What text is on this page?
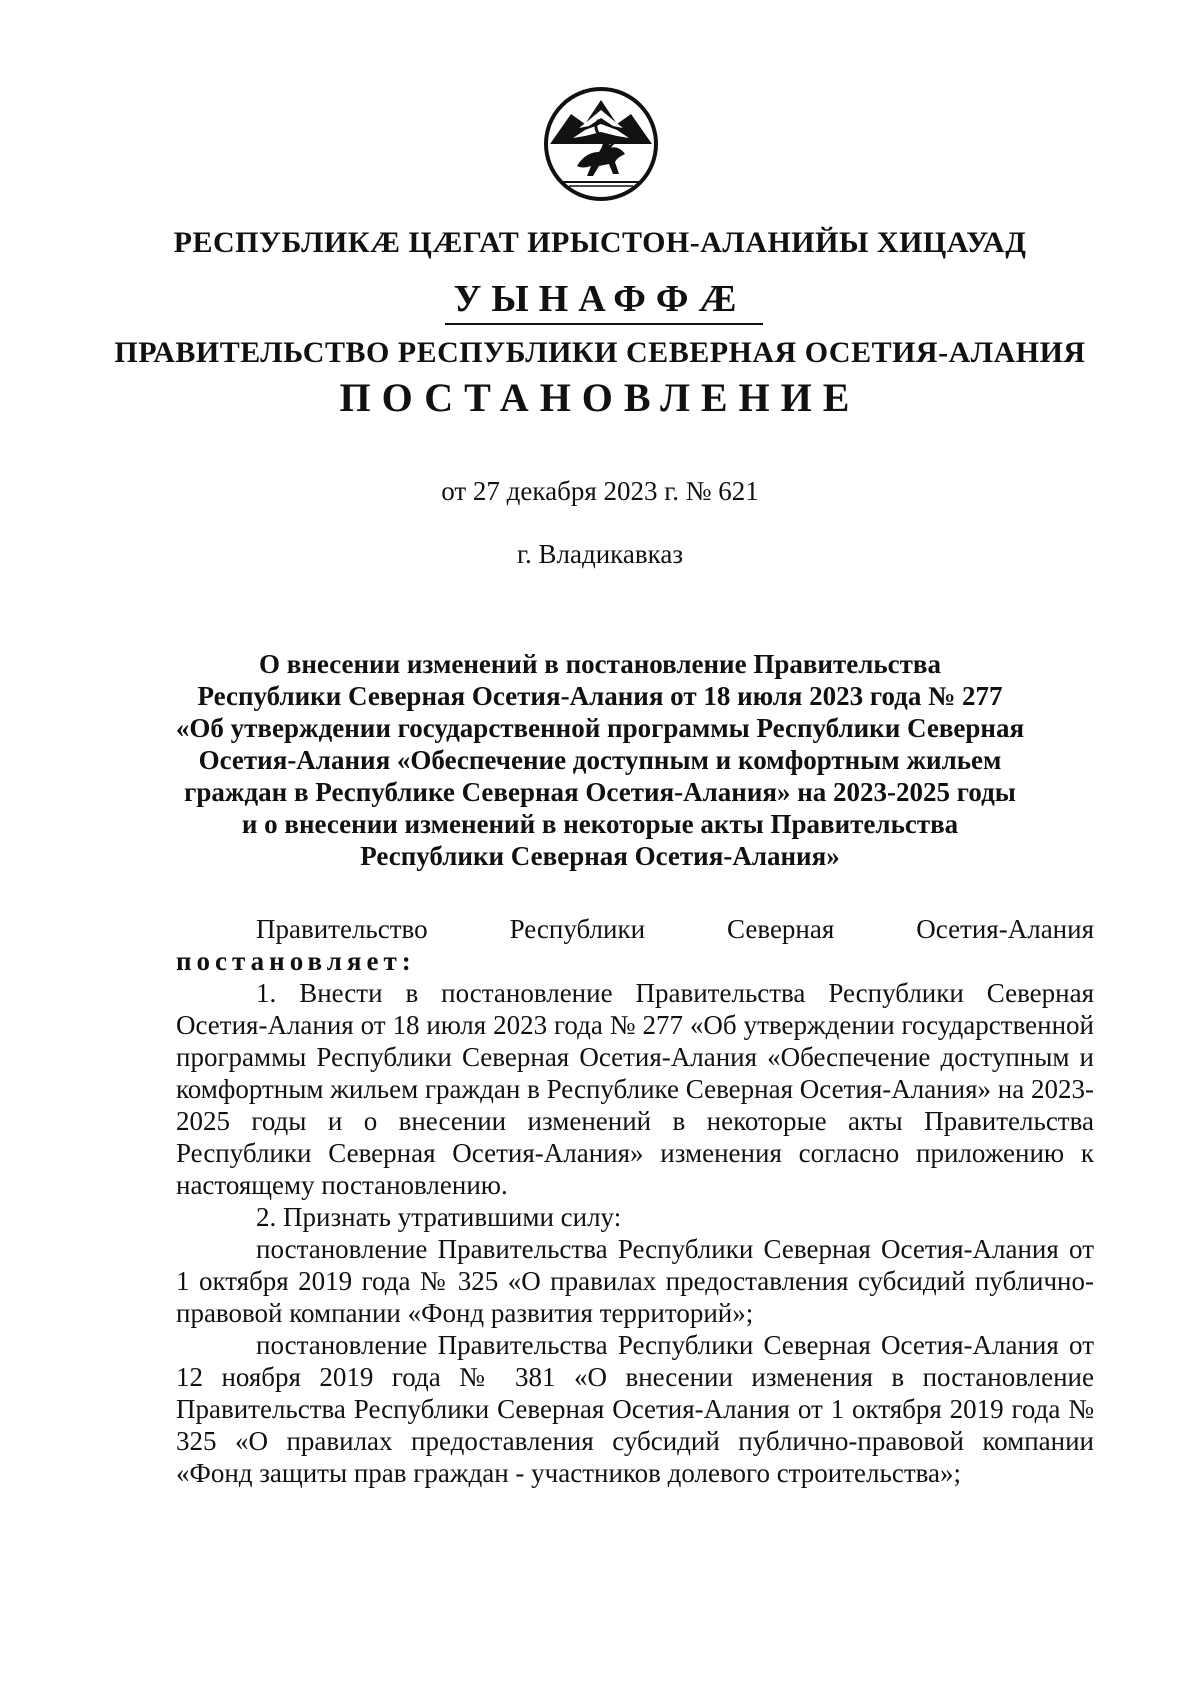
РЕСПУБЛИКÆ ЦÆГАТ ИРЫСТОН-АЛАНИЙЫ ХИЦАУАД
УЫНАФФÆ
ПРАВИТЕЛЬСТВО РЕСПУБЛИКИ СЕВЕРНАЯ ОСЕТИЯ-АЛАНИЯ
ПОСТАНОВЛЕНИЕ
от 27 декабря 2023 г. № 621
г. Владикавказ
О внесении изменений в постановление Правительства
Республики Северная Осетия-Алания от 18 июля 2023 года № 277
«Об утверждении государственной программы Республики Северная
Осетия-Алания «Обеспечение доступным и комфортным жильем
граждан в Республике Северная Осетия-Алания» на 2023-2025 годы
и о внесении изменений в некоторые акты Правительства
Республики Северная Осетия-Алания»
Правительство	Республики	Северная	Осетия-Алания

постановляет:

1. Внести в постановление Правительства Республики Северная Осетия-Алания от 18 июля 2023 года № 277 «Об утверждении государственной программы Республики Северная Осетия-Алания «Обеспечение доступным и комфортным жильем граждан в Республике Северная Осетия-Алания» на 2023-2025 годы и о внесении изменений в некоторые акты Правительства Республики Северная Осетия-Алания» изменения согласно приложению к настоящему постановлению.

2. Признать утратившими силу:

постановление Правительства Республики Северная Осетия-Алания от 1 октября 2019 года № 325 «О правилах предоставления субсидий публично-правовой компании «Фонд развития территорий»;

постановление Правительства Республики Северная Осетия-Алания от 12 ноября 2019 года № 381 «О внесении изменения в постановление Правительства Республики Северная Осетия-Алания от 1 октября 2019 года № 325 «О правилах предоставления субсидий публично-правовой компании «Фонд защиты прав граждан - участников долевого строительства»;
